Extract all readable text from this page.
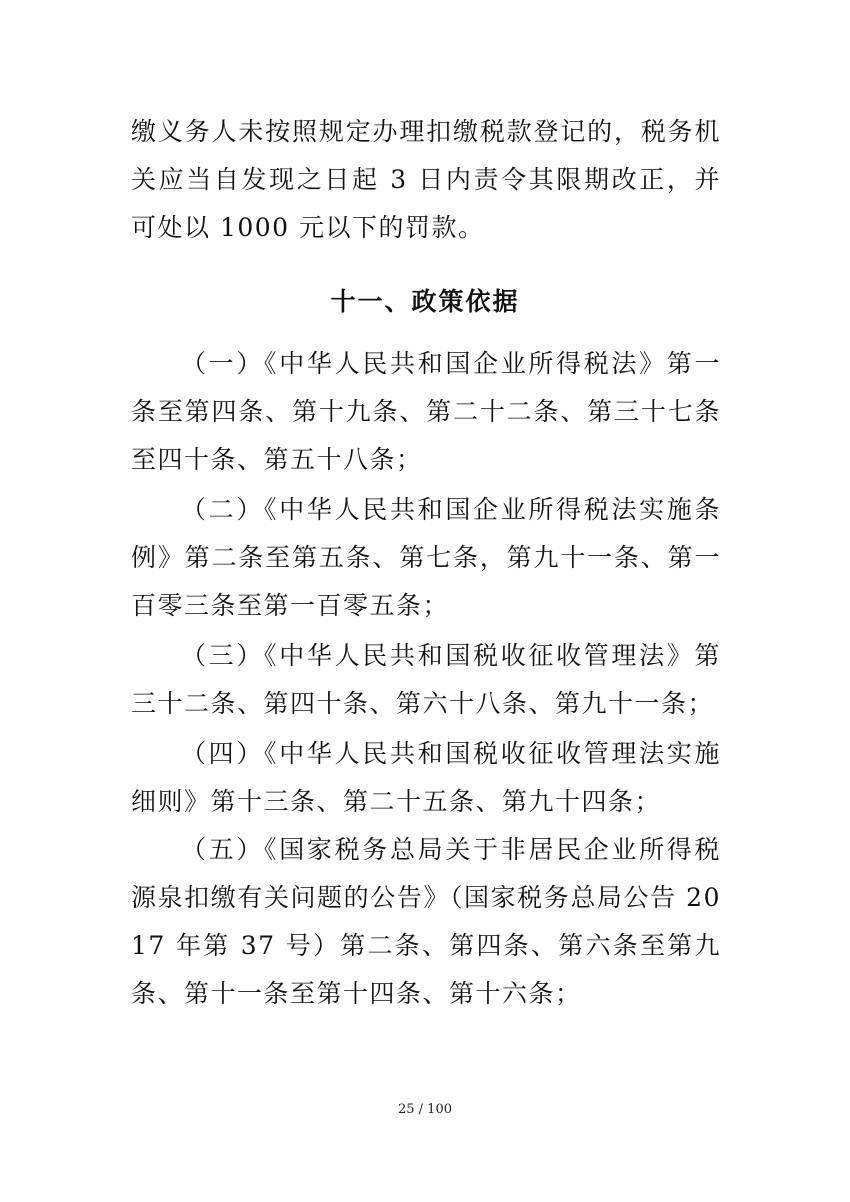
缴义务人未按照规定办理扣缴税款登记的，税务机关应当自发现之日起 3 日内责令其限期改正，并可处以 1000 元以下的罚款。
十一、政策依据
（一）《中华人民共和国企业所得税法》第一条至第四条、第十九条、第二十二条、第三十七条至四十条、第五十八条；
（二）《中华人民共和国企业所得税法实施条例》第二条至第五条、第七条，第九十一条、第一百零三条至第一百零五条；
（三）《中华人民共和国税收征收管理法》第三十二条、第四十条、第六十八条、第九十一条；
（四）《中华人民共和国税收征收管理法实施细则》第十三条、第二十五条、第九十四条；
（五）《国家税务总局关于非居民企业所得税源泉扣缴有关问题的公告》（国家税务总局公告 2017 年第 37 号）第二条、第四条、第六条至第九条、第十一条至第十四条、第十六条；
25 / 100
